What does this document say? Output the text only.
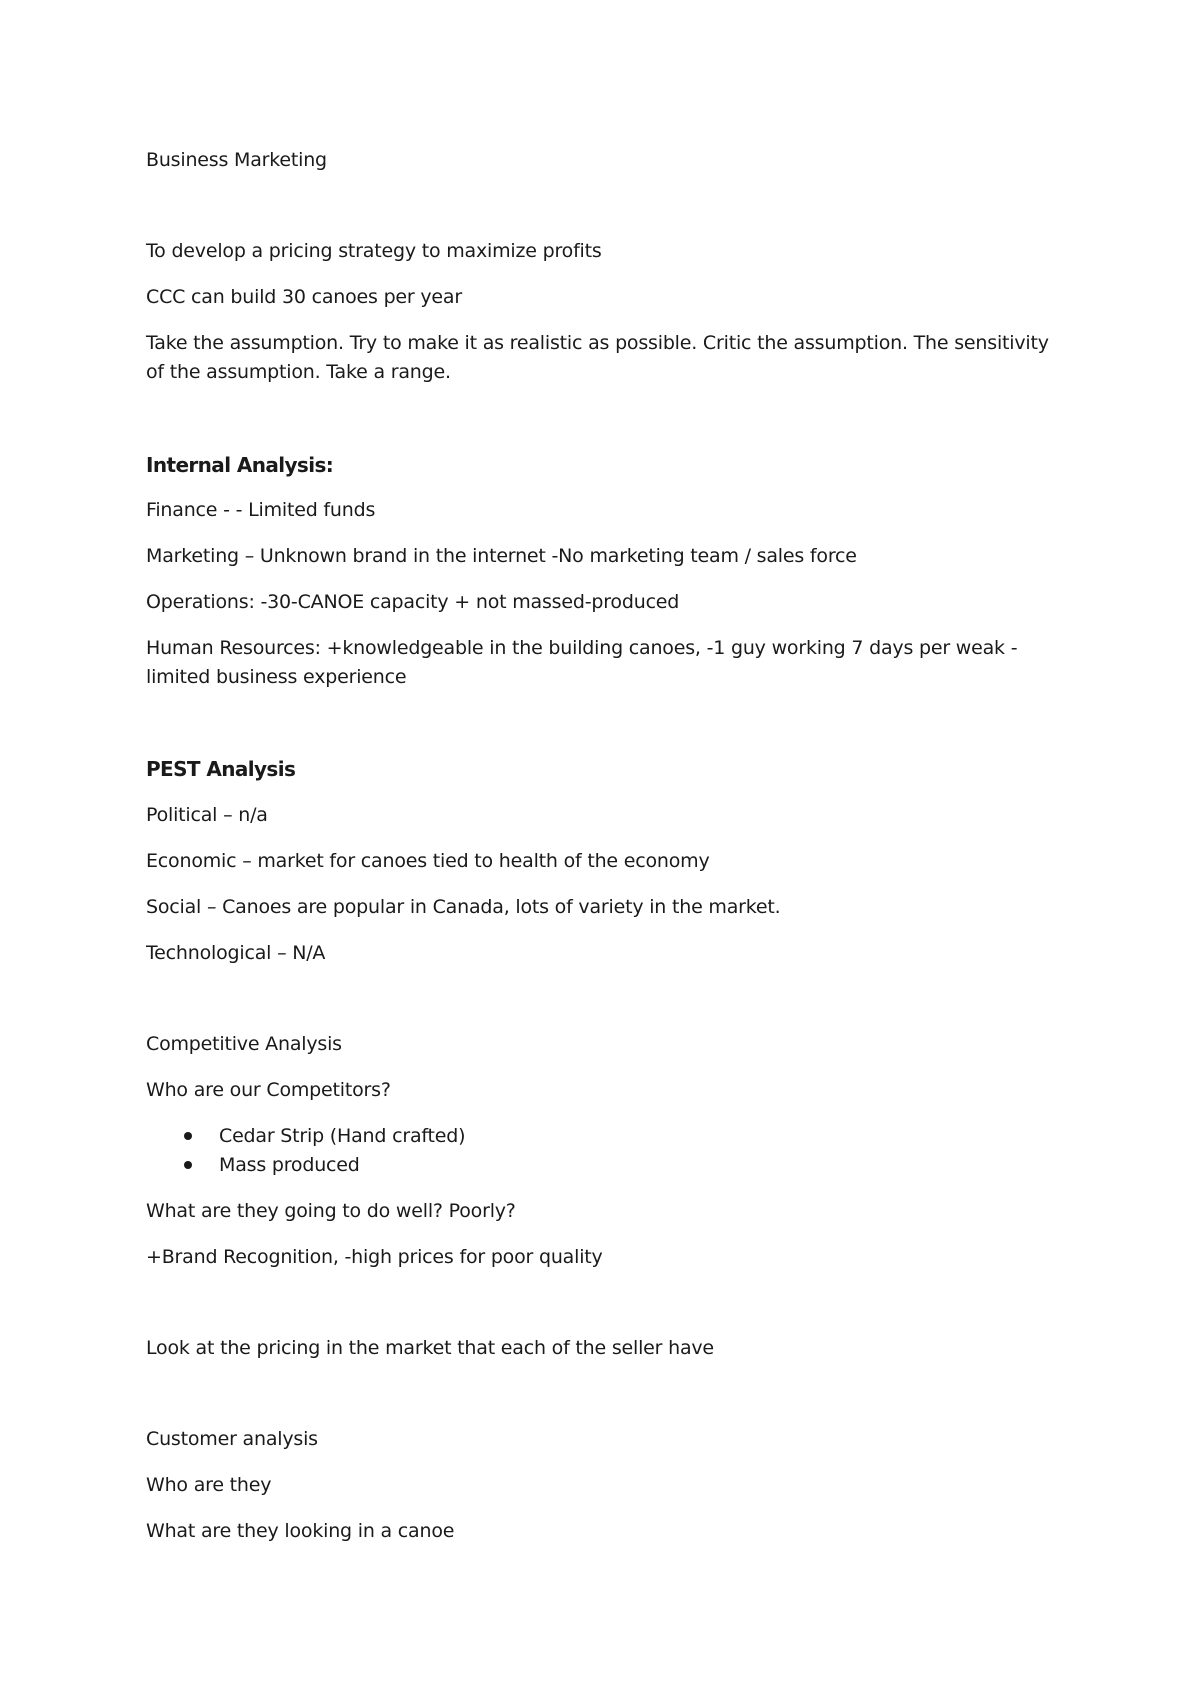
Business Marketing
To develop a pricing strategy to maximize profits
CCC can build 30 canoes per year
Take the assumption. Try to make it as realistic as possible. Critic the assumption. The sensitivity of the assumption. Take a range.
Internal Analysis:
Finance - - Limited funds
Marketing – Unknown brand in the internet -No marketing team / sales force
Operations: -30-CANOE capacity + not massed-produced
Human Resources: +knowledgeable in the building canoes, -1 guy working 7 days per weak -limited business experience
PEST Analysis
Political – n/a
Economic – market for canoes tied to health of the economy
Social – Canoes are popular in Canada, lots of variety in the market.
Technological – N/A
Competitive Analysis
Who are our Competitors?
Cedar Strip (Hand crafted)
Mass produced
What are they going to do well? Poorly?
+Brand Recognition, -high prices for poor quality
Look at the pricing in the market that each of the seller have
Customer analysis
Who are they
What are they looking in a canoe
